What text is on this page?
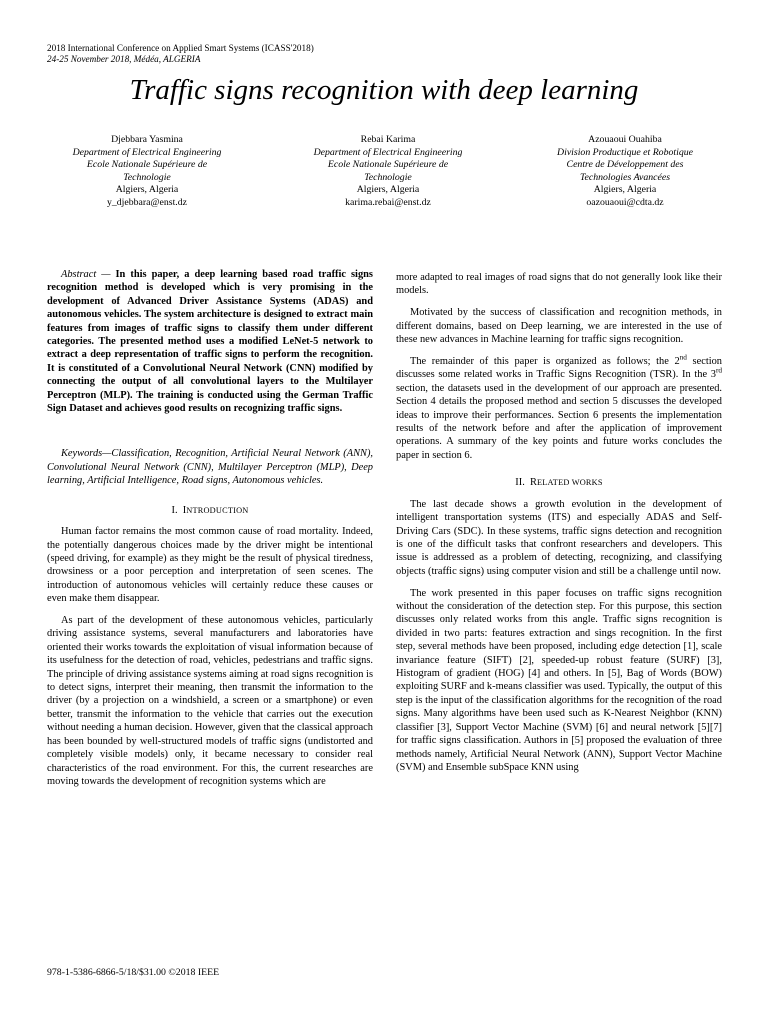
2018 International Conference on Applied Smart Systems (ICASS'2018)
24-25 November 2018, Médéa, ALGERIA
Traffic signs recognition with deep learning
Djebbara Yasmina
Department of Electrical Engineering
Ecole Nationale Supérieure de
Technologie
Algiers, Algeria
y_djebbara@enst.dz
Rebai Karima
Department of Electrical Engineering
Ecole Nationale Supérieure de
Technologie
Algiers, Algeria
karima.rebai@enst.dz
Azouaoui Ouahiba
Division Productique et Robotique
Centre de Développement des
Technologies Avancées
Algiers, Algeria
oazouaoui@cdta.dz

Abstract — In this paper, a deep learning based road traffic signs recognition method is developed which is very promising in the development of Advanced Driver Assistance Systems (ADAS) and autonomous vehicles. The system architecture is designed to extract main features from images of traffic signs to classify them under different categories. The presented method uses a modified LeNet-5 network to extract a deep representation of traffic signs to perform the recognition. It is constituted of a Convolutional Neural Network (CNN) modified by connecting the output of all convolutional layers to the Multilayer Perceptron (MLP). The training is conducted using the German Traffic Sign Dataset and achieves good results on recognizing traffic signs.

Keywords—Classification, Recognition, Artificial Neural Network (ANN), Convolutional Neural Network (CNN), Multilayer Perceptron (MLP), Deep learning, Artificial Intelligence, Road signs, Autonomous vehicles.

I. INTRODUCTION

Human factor remains the most common cause of road mortality. Indeed, the potentially dangerous choices made by the driver might be intentional (speed driving, for example) as they might be the result of physical tiredness, drowsiness or a poor perception and interpretation of seen scenes. The introduction of autonomous vehicles will certainly reduce these causes or even make them disappear.

As part of the development of these autonomous vehicles, particularly driving assistance systems, several manufacturers and laboratories have oriented their works towards the exploitation of visual information because of its usefulness for the detection of road, vehicles, pedestrians and traffic signs. The principle of driving assistance systems aiming at road signs recognition is to detect signs, interpret their meaning, then transmit the information to the driver (by a projection on a windshield, a screen or a smartphone) or even better, transmit the information to the vehicle that carries out the execution without needing a human decision. However, given that the classical approach has been bounded by well-structured models of traffic signs (undistorted and completely visible models) only, it became necessary to consider real characteristics of the road environment. For this, the current researches are moving towards the development of recognition systems which are

more adapted to real images of road signs that do not generally look like their models.

Motivated by the success of classification and recognition methods, in different domains, based on Deep learning, we are interested in the use of these new advances in Machine learning for traffic signs recognition.

The remainder of this paper is organized as follows; the 2nd section discusses some related works in Traffic Signs Recognition (TSR). In the 3rd section, the datasets used in the development of our approach are presented. Section 4 details the proposed method and section 5 discusses the developed ideas to improve their performances. Section 6 presents the implementation results of the network before and after the application of improvement operations. A summary of the key points and future works concludes the paper in section 6.

II. RELATED WORKS

The last decade shows a growth evolution in the development of intelligent transportation systems (ITS) and especially ADAS and Self-Driving Cars (SDC). In these systems, traffic signs detection and recognition is one of the difficult tasks that confront researchers and developers. This issue is addressed as a problem of detecting, recognizing, and classifying objects (traffic signs) using computer vision and still be a challenge until now.

The work presented in this paper focuses on traffic signs recognition without the consideration of the detection step. For this purpose, this section discusses only related works from this angle. Traffic signs recognition is divided in two parts: features extraction and sings recognition. In the first step, several methods have been proposed, including edge detection [1], scale invariance feature (SIFT) [2], speeded-up robust feature (SURF) [3], Histogram of gradient (HOG) [4] and others. In [5], Bag of Words (BOW) exploiting SURF and k-means classifier was used. Typically, the output of this step is the input of the classification algorithms for the recognition of the road signs. Many algorithms have been used such as K-Nearest Neighbor (KNN) classifier [3], Support Vector Machine (SVM) [6] and neural network [5][7] for traffic signs classification. Authors in [5] proposed the evaluation of three methods namely, Artificial Neural Network (ANN), Support Vector Machine (SVM) and Ensemble subSpace KNN using

978-1-5386-6866-5/18/$31.00 ©2018 IEEE
